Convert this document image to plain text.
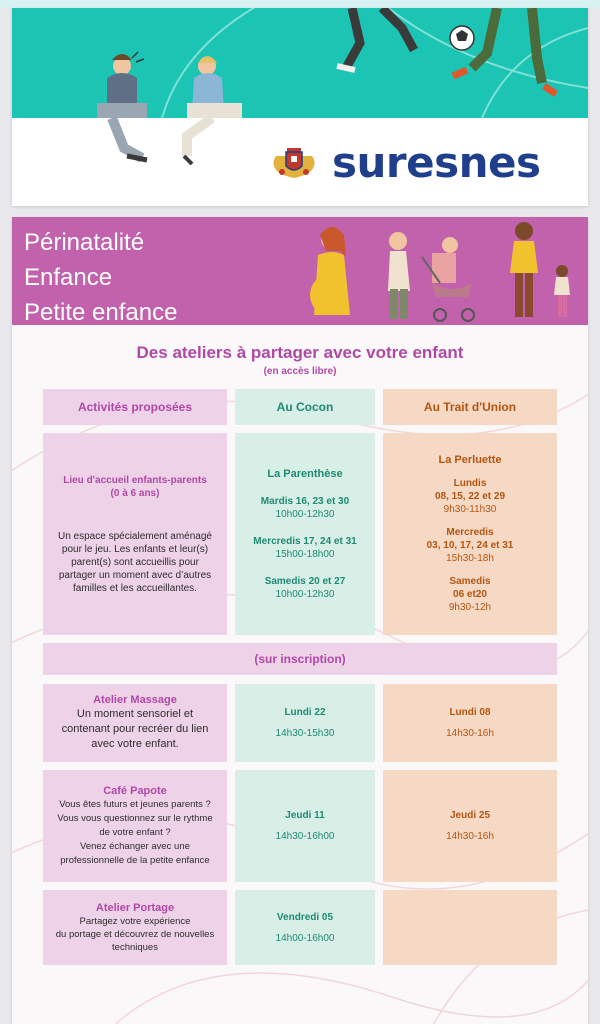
suresnes
Périnatalité
Enfance
Petite enfance
Des ateliers à partager avec votre enfant
(en accès libre)
Activités proposées	Au Cocon	Au Trait d'Union
Lieu d'accueil enfants-parents
(0 à 6 ans)
Un espace spécialement aménagé
pour le jeu. Les enfants et leur(s)
parent(s) sont accueillis pour
partager un moment avec d’autres
familles et les accueillantes.
La Parenthèse
Mardis 16, 23 et 30
10h00-12h30
Mercredis 17, 24 et 31
15h00-18h00
Samedis 20 et 27
10h00-12h30
La Perluette
Lundis
08, 15, 22 et 29
9h30-11h30
Mercredis
03, 10, 17, 24 et 31
15h30-18h
Samedis
06 et20
9h30-12h
(sur inscription)
Atelier Massage
Un moment sensoriel et
contenant pour recréer du lien
avec votre enfant.
Lundi 22
14h30-15h30
Lundi 08
14h30-16h
Café Papote
Vous êtes futurs et jeunes parents ?
Vous vous questionnez sur le rythme
de votre enfant ?
Venez échanger avec une
professionnelle de la petite enfance
Jeudi 11
14h30-16h00
Jeudi 25
14h30-16h
Atelier Portage
Partagez votre expérience
du portage et découvrez de nouvelles
techniques
Vendredi 05
14h00-16h00
